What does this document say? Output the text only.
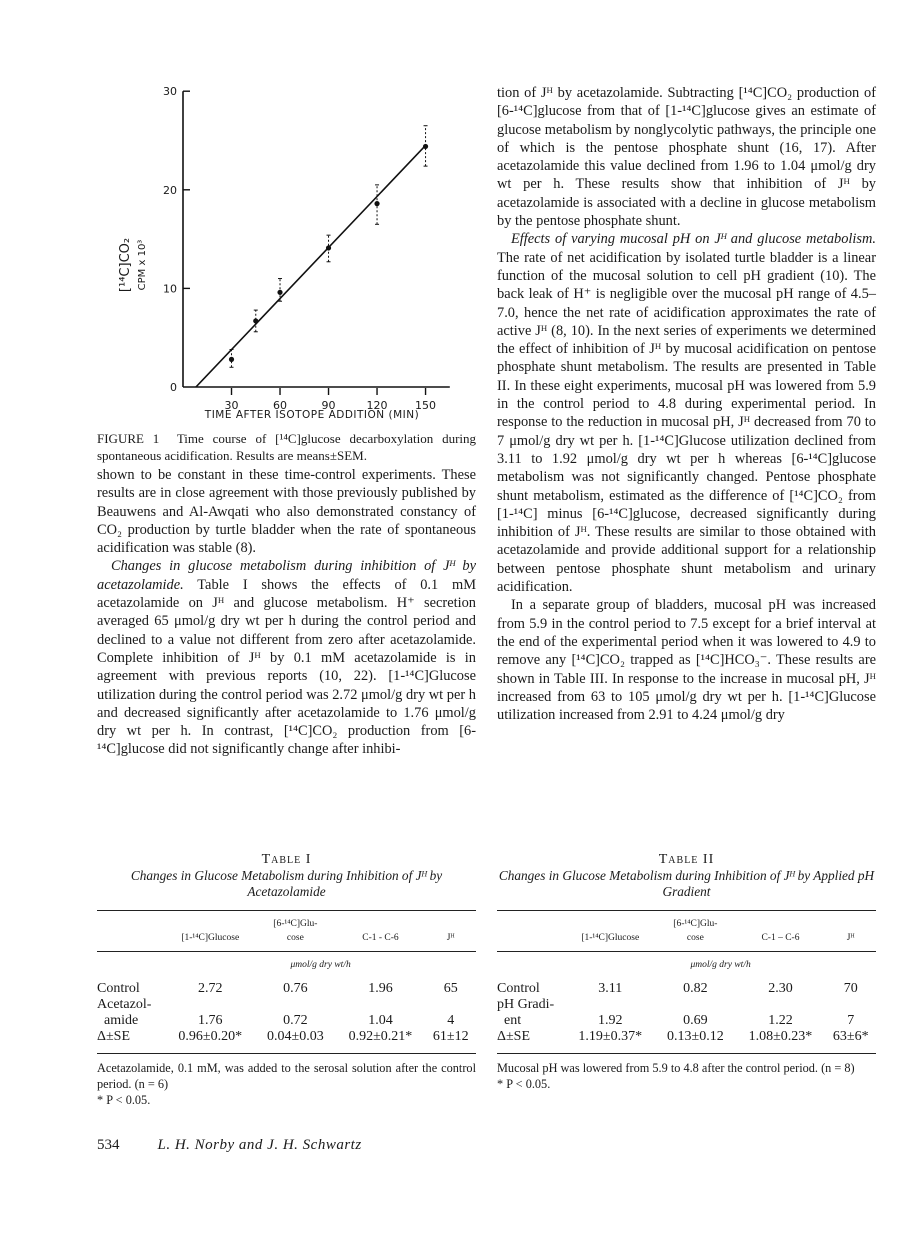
0
10
20
30
30	60	90	120	150
[¹⁴C]CO₂ CPM x 10³
TIME AFTER ISOTOPE ADDITION (MIN)
FIGURE 1 Time course of [¹⁴C]glucose decarboxylation during spontaneous acidification. Results are means±SEM.

shown to be constant in these time-control experiments. These results are in close agreement with those previously published by Beauwens and Al-Awqati who also demonstrated constancy of CO₂ production by turtle bladder when the rate of spontaneous acidification was stable (8).

Changes in glucose metabolism during inhibition of Jᴴ by acetazolamide. Table I shows the effects of 0.1 mM acetazolamide on Jᴴ and glucose metabolism. H⁺ secretion averaged 65 μmol/g dry wt per h during the control period and declined to a value not different from zero after acetazolamide. Complete inhibition of Jᴴ by 0.1 mM acetazolamide is in agreement with previous reports (10, 22). [1-¹⁴C]Glucose utilization during the control period was 2.72 μmol/g dry wt per h and decreased significantly after acetazolamide to 1.76 μmol/g dry wt per h. In contrast, [¹⁴C]CO₂ production from [6-¹⁴C]glucose did not significantly change after inhibi-

tion of Jᴴ by acetazolamide. Subtracting [¹⁴C]CO₂ production of [6-¹⁴C]glucose from that of [1-¹⁴C]glucose gives an estimate of glucose metabolism by nonglycolytic pathways, the principle one of which is the pentose phosphate shunt (16, 17). After acetazolamide this value declined from 1.96 to 1.04 μmol/g dry wt per h. These results show that inhibition of Jᴴ by acetazolamide is associated with a decline in glucose metabolism by the pentose phosphate shunt.

Effects of varying mucosal pH on Jᴴ and glucose metabolism. The rate of net acidification by isolated turtle bladder is a linear function of the mucosal solution to cell pH gradient (10). The back leak of H⁺ is negligible over the mucosal pH range of 4.5–7.0, hence the net rate of acidification approximates the rate of active Jᴴ (8, 10). In the next series of experiments we determined the effect of inhibition of Jᴴ by mucosal acidification on pentose phosphate shunt metabolism. The results are presented in Table II. In these eight experiments, mucosal pH was lowered from 5.9 in the control period to 4.8 during experimental period. In response to the reduction in mucosal pH, Jᴴ decreased from 70 to 7 μmol/g dry wt per h. [1-¹⁴C]Glucose utilization declined from 3.11 to 1.92 μmol/g dry wt per h whereas [6-¹⁴C]glucose metabolism was not significantly changed. Pentose phosphate shunt metabolism, estimated as the difference of [¹⁴C]CO₂ from [1-¹⁴C] minus [6-¹⁴C]glucose, decreased significantly during inhibition of Jᴴ. These results are similar to those obtained with acetazolamide and provide additional support for a relationship between pentose phosphate shunt metabolism and urinary acidification.

In a separate group of bladders, mucosal pH was increased from 5.9 in the control period to 7.5 except for a brief interval at the end of the experimental period when it was lowered to 4.9 to remove any [¹⁴C]CO₂ trapped as [¹⁴C]HCO₃⁻. These results are shown in Table III. In response to the increase in mucosal pH, Jᴴ increased from 63 to 105 μmol/g dry wt per h. [1-¹⁴C]Glucose utilization increased from 2.91 to 4.24 μmol/g dry

Table I
Changes in Glucose Metabolism during Inhibition of Jᴴ by Acetazolamide
	[1-¹⁴C]Glucose	[6-¹⁴C]Glu-
cose	C-1 - C-6	Jᴴ
	μmol/g dry wt/h			
Control	2.72	0.76	1.96	65
Acetazol-				
amide	1.76	0.72	1.04	4
Δ±SE	0.96±0.20*	0.04±0.03	0.92±0.21*	61±12
Acetazolamide, 0.1 mM, was added to the serosal solution after the control period. (n = 6)
* P < 0.05.
Table II
Changes in Glucose Metabolism during Inhibition of Jᴴ by Applied pH Gradient
	[1-¹⁴C]Glucose	[6-¹⁴C]Glu-
cose	C-1 – C-6	Jᴴ
	μmol/g dry wt/h			
Control	3.11	0.82	2.30	70
pH Gradi-				
ent	1.92	0.69	1.22	7
Δ±SE	1.19±0.37*	0.13±0.12	1.08±0.23*	63±6*
Mucosal pH was lowered from 5.9 to 4.8 after the control period. (n = 8)
* P < 0.05.
534	L. H. Norby and J. H. Schwartz
